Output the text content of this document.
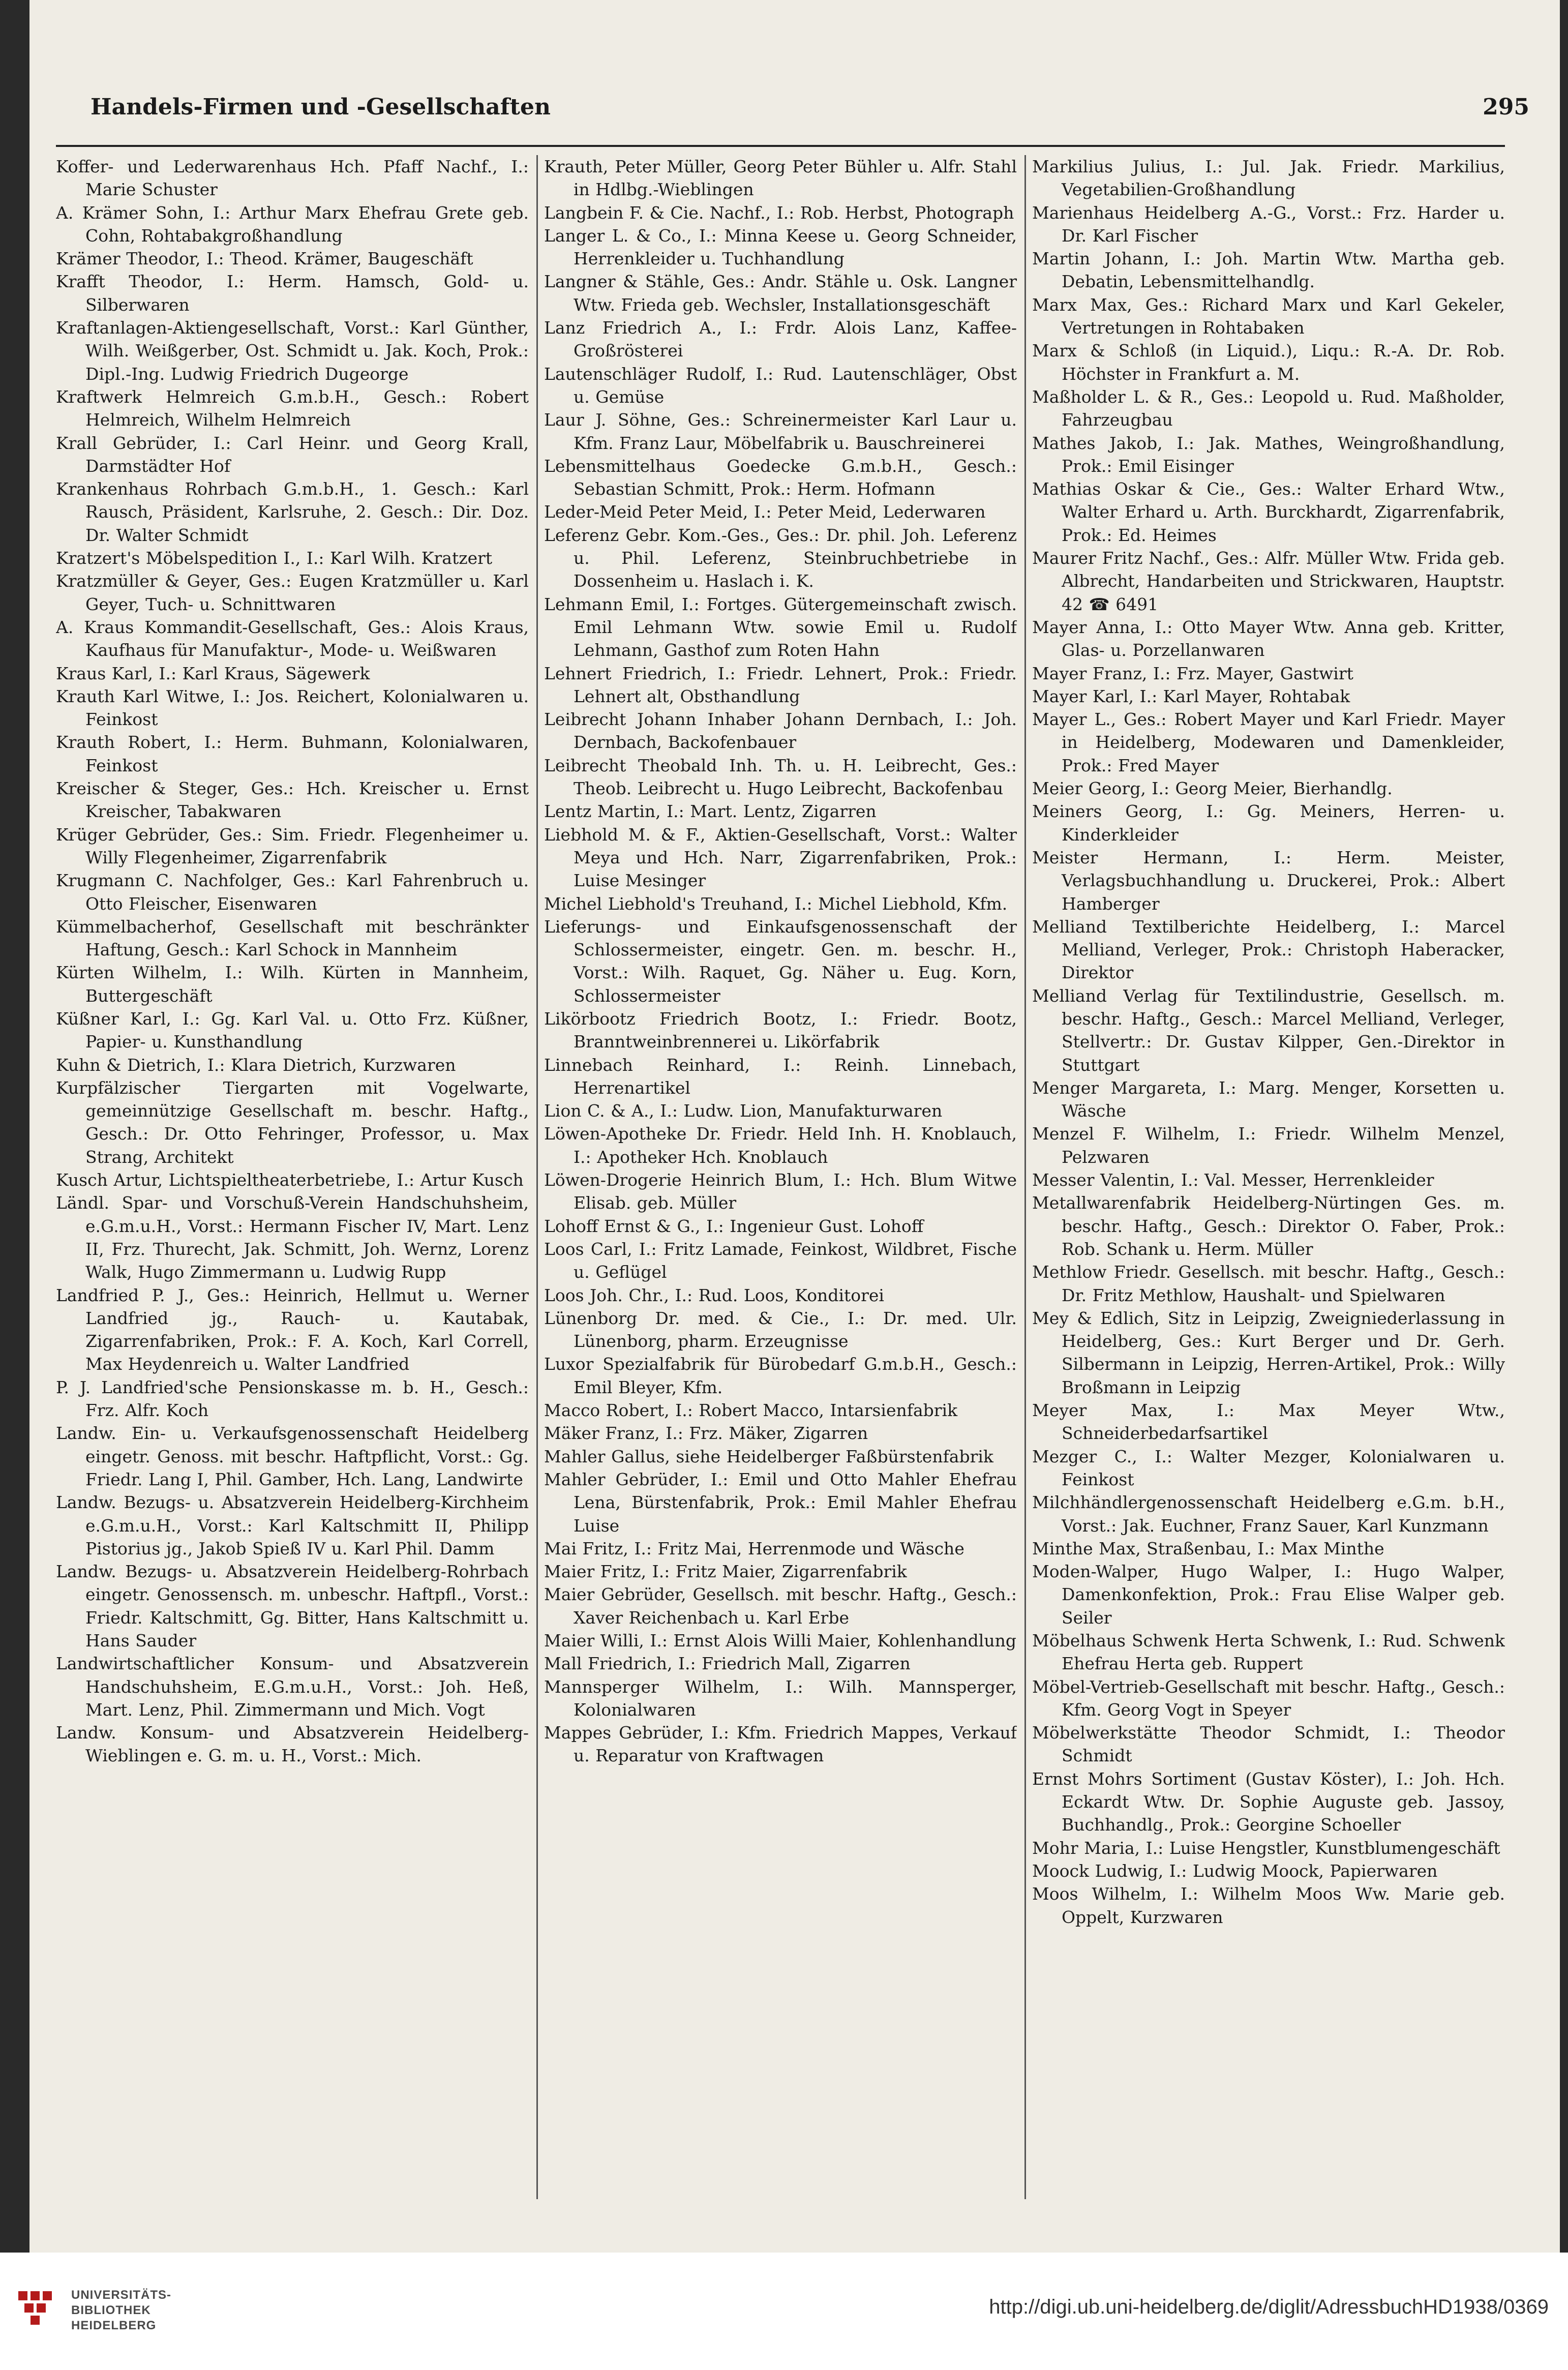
Handels-Firmen und -Gesellschaften	295

Koffer- und Lederwarenhaus Hch. Pfaff Nachf., I.: Marie Schuster

A. Krämer Sohn, I.: Arthur Marx Ehefrau Grete geb. Cohn, Rohtabakgroßhandlung

Krämer Theodor, I.: Theod. Krämer, Baugeschäft

Krafft Theodor, I.: Herm. Hamsch, Gold- u. Silberwaren

Kraftanlagen-Aktiengesellschaft, Vorst.: Karl Günther, Wilh. Weißgerber, Ost. Schmidt u. Jak. Koch, Prok.: Dipl.-Ing. Ludwig Friedrich Dugeorge

Kraftwerk Helmreich G.m.b.H., Gesch.: Robert Helmreich, Wilhelm Helmreich

Krall Gebrüder, I.: Carl Heinr. und Georg Krall, Darmstädter Hof

Krankenhaus Rohrbach G.m.b.H., 1. Gesch.: Karl Rausch, Präsident, Karlsruhe, 2. Gesch.: Dir. Doz. Dr. Walter Schmidt

Kratzert's Möbelspedition I., I.: Karl Wilh. Kratzert

Kratzmüller & Geyer, Ges.: Eugen Kratzmüller u. Karl Geyer, Tuch- u. Schnittwaren

A. Kraus Kommandit-Gesellschaft, Ges.: Alois Kraus, Kaufhaus für Manufaktur-, Mode- u. Weißwaren

Kraus Karl, I.: Karl Kraus, Sägewerk

Krauth Karl Witwe, I.: Jos. Reichert, Kolonialwaren u. Feinkost

Krauth Robert, I.: Herm. Buhmann, Kolonialwaren, Feinkost

Kreischer & Steger, Ges.: Hch. Kreischer u. Ernst Kreischer, Tabakwaren

Krüger Gebrüder, Ges.: Sim. Friedr. Flegenheimer u. Willy Flegenheimer, Zigarrenfabrik

Krugmann C. Nachfolger, Ges.: Karl Fahrenbruch u. Otto Fleischer, Eisenwaren

Kümmelbacherhof, Gesellschaft mit beschränkter Haftung, Gesch.: Karl Schock in Mannheim

Kürten Wilhelm, I.: Wilh. Kürten in Mannheim, Buttergeschäft

Küßner Karl, I.: Gg. Karl Val. u. Otto Frz. Küßner, Papier- u. Kunsthandlung

Kuhn & Dietrich, I.: Klara Dietrich, Kurzwaren

Kurpfälzischer Tiergarten mit Vogelwarte, gemeinnützige Gesellschaft m. beschr. Haftg., Gesch.: Dr. Otto Fehringer, Professor, u. Max Strang, Architekt

Kusch Artur, Lichtspieltheaterbetriebe, I.: Artur Kusch

Ländl. Spar- und Vorschuß-Verein Handschuhsheim, e.G.m.u.H., Vorst.: Hermann Fischer IV, Mart. Lenz II, Frz. Thurecht, Jak. Schmitt, Joh. Wernz, Lorenz Walk, Hugo Zimmermann u. Ludwig Rupp

Landfried P. J., Ges.: Heinrich, Hellmut u. Werner Landfried jg., Rauch- u. Kautabak, Zigarrenfabriken, Prok.: F. A. Koch, Karl Correll, Max Heydenreich u. Walter Landfried

P. J. Landfried'sche Pensionskasse m. b. H., Gesch.: Frz. Alfr. Koch

Landw. Ein- u. Verkaufsgenossenschaft Heidelberg eingetr. Genoss. mit beschr. Haftpflicht, Vorst.: Gg. Friedr. Lang I, Phil. Gamber, Hch. Lang, Landwirte

Landw. Bezugs- u. Absatzverein Heidelberg-Kirchheim e.G.m.u.H., Vorst.: Karl Kaltschmitt II, Philipp Pistorius jg., Jakob Spieß IV u. Karl Phil. Damm

Landw. Bezugs- u. Absatzverein Heidelberg-Rohrbach eingetr. Genossensch. m. unbeschr. Haftpfl., Vorst.: Friedr. Kaltschmitt, Gg. Bitter, Hans Kaltschmitt u. Hans Sauder

Landwirtschaftlicher Konsum- und Absatzverein Handschuhsheim, E.G.m.u.H., Vorst.: Joh. Heß, Mart. Lenz, Phil. Zimmermann und Mich. Vogt

Landw. Konsum- und Absatzverein Heidelberg-Wieblingen e. G. m. u. H., Vorst.: Mich.

Krauth, Peter Müller, Georg Peter Bühler u. Alfr. Stahl in Hdlbg.-Wieblingen

Langbein F. & Cie. Nachf., I.: Rob. Herbst, Photograph

Langer L. & Co., I.: Minna Keese u. Georg Schneider, Herrenkleider u. Tuchhandlung

Langner & Stähle, Ges.: Andr. Stähle u. Osk. Langner Wtw. Frieda geb. Wechsler, Installationsgeschäft

Lanz Friedrich A., I.: Frdr. Alois Lanz, Kaffee-Großrösterei

Lautenschläger Rudolf, I.: Rud. Lautenschläger, Obst u. Gemüse

Laur J. Söhne, Ges.: Schreinermeister Karl Laur u. Kfm. Franz Laur, Möbelfabrik u. Bauschreinerei

Lebensmittelhaus Goedecke G.m.b.H., Gesch.: Sebastian Schmitt, Prok.: Herm. Hofmann

Leder-Meid Peter Meid, I.: Peter Meid, Lederwaren

Leferenz Gebr. Kom.-Ges., Ges.: Dr. phil. Joh. Leferenz u. Phil. Leferenz, Steinbruchbetriebe in Dossenheim u. Haslach i. K.

Lehmann Emil, I.: Fortges. Gütergemeinschaft zwisch. Emil Lehmann Wtw. sowie Emil u. Rudolf Lehmann, Gasthof zum Roten Hahn

Lehnert Friedrich, I.: Friedr. Lehnert, Prok.: Friedr. Lehnert alt, Obsthandlung

Leibrecht Johann Inhaber Johann Dernbach, I.: Joh. Dernbach, Backofenbauer

Leibrecht Theobald Inh. Th. u. H. Leibrecht, Ges.: Theob. Leibrecht u. Hugo Leibrecht, Backofenbau

Lentz Martin, I.: Mart. Lentz, Zigarren

Liebhold M. & F., Aktien-Gesellschaft, Vorst.: Walter Meya und Hch. Narr, Zigarrenfabriken, Prok.: Luise Mesinger

Michel Liebhold's Treuhand, I.: Michel Liebhold, Kfm.

Lieferungs- und Einkaufsgenossenschaft der Schlossermeister, eingetr. Gen. m. beschr. H., Vorst.: Wilh. Raquet, Gg. Näher u. Eug. Korn, Schlossermeister

Likörbootz Friedrich Bootz, I.: Friedr. Bootz, Branntweinbrennerei u. Likörfabrik

Linnebach Reinhard, I.: Reinh. Linnebach, Herrenartikel

Lion C. & A., I.: Ludw. Lion, Manufakturwaren

Löwen-Apotheke Dr. Friedr. Held Inh. H. Knoblauch, I.: Apotheker Hch. Knoblauch

Löwen-Drogerie Heinrich Blum, I.: Hch. Blum Witwe Elisab. geb. Müller

Lohoff Ernst & G., I.: Ingenieur Gust. Lohoff

Loos Carl, I.: Fritz Lamade, Feinkost, Wildbret, Fische u. Geflügel

Loos Joh. Chr., I.: Rud. Loos, Konditorei

Lünenborg Dr. med. & Cie., I.: Dr. med. Ulr. Lünenborg, pharm. Erzeugnisse

Luxor Spezialfabrik für Bürobedarf G.m.b.H., Gesch.: Emil Bleyer, Kfm.

Macco Robert, I.: Robert Macco, Intarsienfabrik

Mäker Franz, I.: Frz. Mäker, Zigarren

Mahler Gallus, siehe Heidelberger Faßbürstenfabrik

Mahler Gebrüder, I.: Emil und Otto Mahler Ehefrau Lena, Bürstenfabrik, Prok.: Emil Mahler Ehefrau Luise

Mai Fritz, I.: Fritz Mai, Herrenmode und Wäsche

Maier Fritz, I.: Fritz Maier, Zigarrenfabrik

Maier Gebrüder, Gesellsch. mit beschr. Haftg., Gesch.: Xaver Reichenbach u. Karl Erbe

Maier Willi, I.: Ernst Alois Willi Maier, Kohlenhandlung

Mall Friedrich, I.: Friedrich Mall, Zigarren

Mannsperger Wilhelm, I.: Wilh. Mannsperger, Kolonialwaren

Mappes Gebrüder, I.: Kfm. Friedrich Mappes, Verkauf u. Reparatur von Kraftwagen

Markilius Julius, I.: Jul. Jak. Friedr. Markilius, Vegetabilien-Großhandlung

Marienhaus Heidelberg A.-G., Vorst.: Frz. Harder u. Dr. Karl Fischer

Martin Johann, I.: Joh. Martin Wtw. Martha geb. Debatin, Lebensmittelhandlg.

Marx Max, Ges.: Richard Marx und Karl Gekeler, Vertretungen in Rohtabaken

Marx & Schloß (in Liquid.), Liqu.: R.-A. Dr. Rob. Höchster in Frankfurt a. M.

Maßholder L. & R., Ges.: Leopold u. Rud. Maßholder, Fahrzeugbau

Mathes Jakob, I.: Jak. Mathes, Weingroßhandlung, Prok.: Emil Eisinger

Mathias Oskar & Cie., Ges.: Walter Erhard Wtw., Walter Erhard u. Arth. Burckhardt, Zigarrenfabrik, Prok.: Ed. Heimes

Maurer Fritz Nachf., Ges.: Alfr. Müller Wtw. Frida geb. Albrecht, Handarbeiten und Strickwaren, Hauptstr. 42 ☎ 6491

Mayer Anna, I.: Otto Mayer Wtw. Anna geb. Kritter, Glas- u. Porzellanwaren

Mayer Franz, I.: Frz. Mayer, Gastwirt

Mayer Karl, I.: Karl Mayer, Rohtabak

Mayer L., Ges.: Robert Mayer und Karl Friedr. Mayer in Heidelberg, Modewaren und Damenkleider, Prok.: Fred Mayer

Meier Georg, I.: Georg Meier, Bierhandlg.

Meiners Georg, I.: Gg. Meiners, Herren- u. Kinderkleider

Meister Hermann, I.: Herm. Meister, Verlagsbuchhandlung u. Druckerei, Prok.: Albert Hamberger

Melliand Textilberichte Heidelberg, I.: Marcel Melliand, Verleger, Prok.: Christoph Haberacker, Direktor

Melliand Verlag für Textilindustrie, Gesellsch. m. beschr. Haftg., Gesch.: Marcel Melliand, Verleger, Stellvertr.: Dr. Gustav Kilpper, Gen.-Direktor in Stuttgart

Menger Margareta, I.: Marg. Menger, Korsetten u. Wäsche

Menzel F. Wilhelm, I.: Friedr. Wilhelm Menzel, Pelzwaren

Messer Valentin, I.: Val. Messer, Herrenkleider

Metallwarenfabrik Heidelberg-Nürtingen Ges. m. beschr. Haftg., Gesch.: Direktor O. Faber, Prok.: Rob. Schank u. Herm. Müller

Methlow Friedr. Gesellsch. mit beschr. Haftg., Gesch.: Dr. Fritz Methlow, Haushalt- und Spielwaren

Mey & Edlich, Sitz in Leipzig, Zweigniederlassung in Heidelberg, Ges.: Kurt Berger und Dr. Gerh. Silbermann in Leipzig, Herren-Artikel, Prok.: Willy Broßmann in Leipzig

Meyer Max, I.: Max Meyer Wtw., Schneiderbedarfsartikel

Mezger C., I.: Walter Mezger, Kolonialwaren u. Feinkost

Milchhändlergenossenschaft Heidelberg e.G.m. b.H., Vorst.: Jak. Euchner, Franz Sauer, Karl Kunzmann

Minthe Max, Straßenbau, I.: Max Minthe

Moden-Walper, Hugo Walper, I.: Hugo Walper, Damenkonfektion, Prok.: Frau Elise Walper geb. Seiler

Möbelhaus Schwenk Herta Schwenk, I.: Rud. Schwenk Ehefrau Herta geb. Ruppert

Möbel-Vertrieb-Gesellschaft mit beschr. Haftg., Gesch.: Kfm. Georg Vogt in Speyer

Möbelwerkstätte Theodor Schmidt, I.: Theodor Schmidt

Ernst Mohrs Sortiment (Gustav Köster), I.: Joh. Hch. Eckardt Wtw. Dr. Sophie Auguste geb. Jassoy, Buchhandlg., Prok.: Georgine Schoeller

Mohr Maria, I.: Luise Hengstler, Kunstblumengeschäft

Moock Ludwig, I.: Ludwig Moock, Papierwaren

Moos Wilhelm, I.: Wilhelm Moos Ww. Marie geb. Oppelt, Kurzwaren

UNIVERSITÄTS-
BIBLIOTHEK
HEIDELBERG
http://digi.ub.uni-heidelberg.de/diglit/AdressbuchHD1938/0369
